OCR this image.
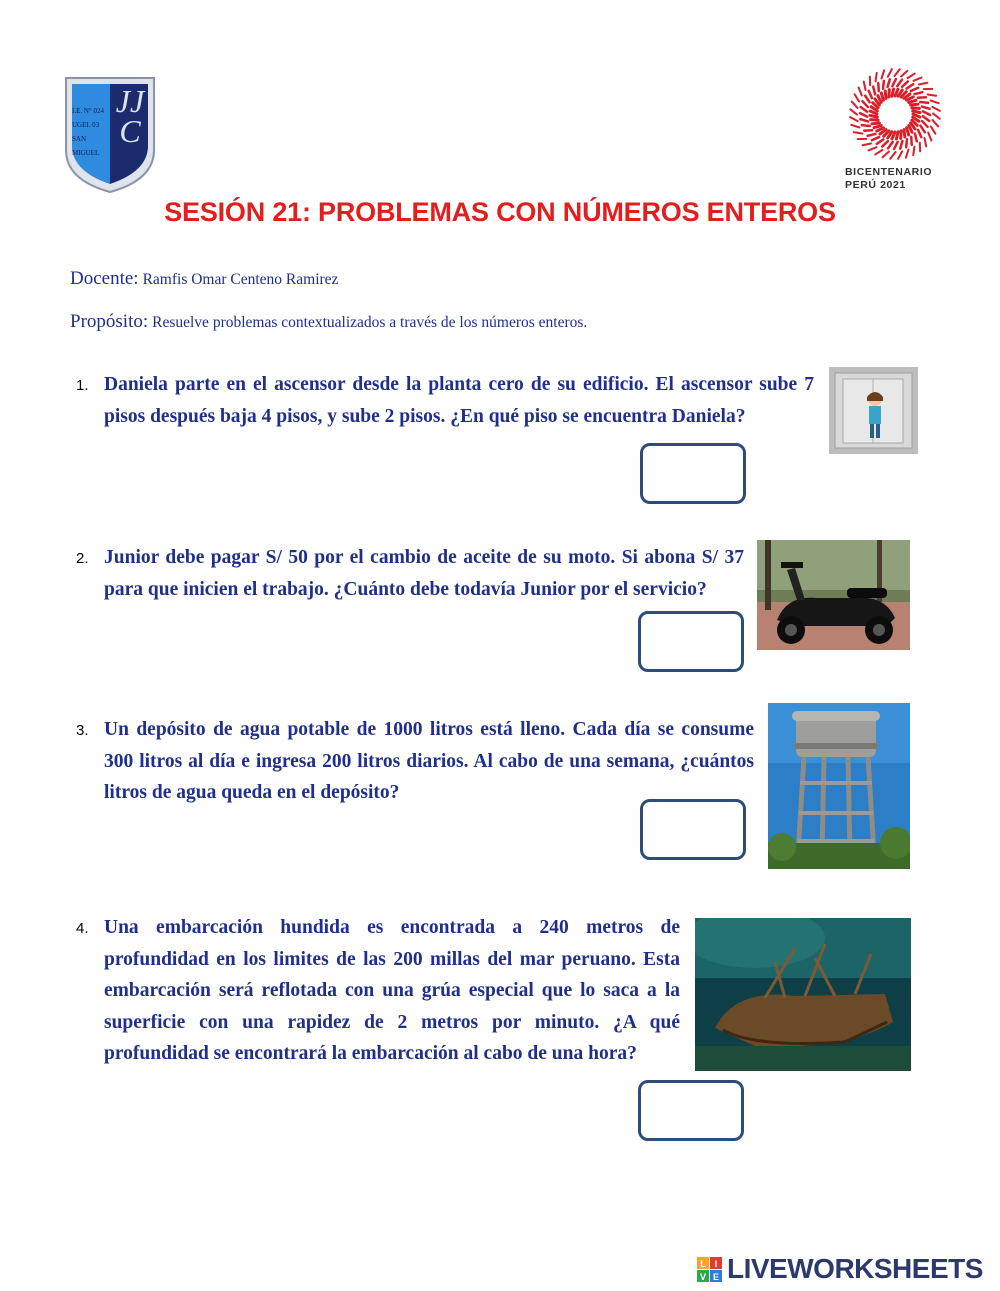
I.E. N° 024
UGEL 03
SAN
MIGUEL
JJC
BICENTENARIO
PERÚ 2021
SESIÓN 21: PROBLEMAS CON NÚMEROS ENTEROS
Docente: Ramfis Omar Centeno Ramirez
Propósito: Resuelve problemas contextualizados a través de los números enteros.
1. Daniela parte en el ascensor desde la planta cero de su edificio. El ascensor sube 7 pisos después baja 4 pisos, y sube 2 pisos. ¿En qué piso se encuentra Daniela?
2. Junior debe pagar S/ 50 por el cambio de aceite de su moto. Si abona S/ 37 para que inicien el trabajo. ¿Cuánto debe todavía Junior por el servicio?
3. Un depósito de agua potable de 1000 litros está lleno. Cada día se consume 300 litros al día e ingresa 200 litros diarios. Al cabo de una semana, ¿cuántos litros de agua queda en el depósito?
4. Una embarcación hundida es encontrada a 240 metros de profundidad en los limites de las 200 millas del mar peruano. Esta embarcación será reflotada con una grúa especial que lo saca a la superficie con una rapidez de 2 metros por minuto. ¿A qué profundidad se encontrará la embarcación al cabo de una hora?
L I
V E LIVEWORKSHEETS
